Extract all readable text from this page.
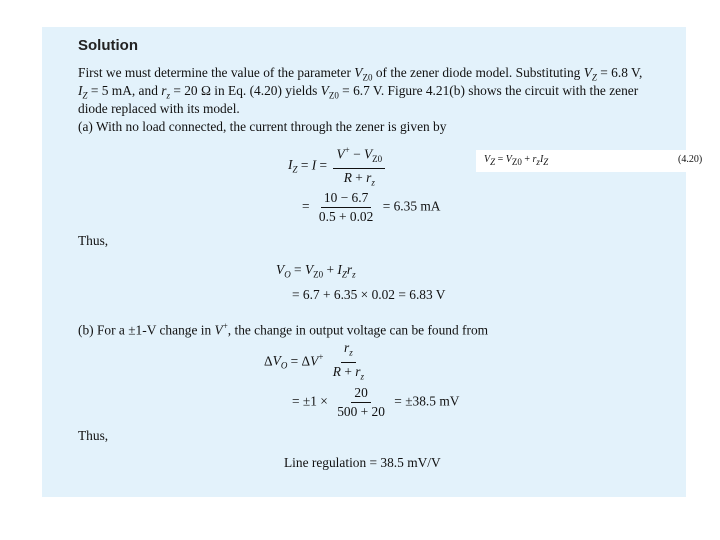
Solution
First we must determine the value of the parameter $V_{Z0}$ of the zener diode model. Substituting $V_Z = 6.8$ V,
$I_Z = 5$ mA, and $r_z = 20$ Ω in Eq. (4.20) yields $V_{Z0} = 6.7$ V. Figure 4.21(b) shows the circuit with the zener
diode replaced with its model.
(a) With no load connected, the current through the zener is given by
$I_Z = I = \frac{V^+ - V_{Z0}}{R + r_z}$
= $\frac{10 - 6.7}{0.5 + 0.02} = 6.35$ mA
Thus,
$V_O = V_{Z0} + I_Zr_z$
= 6.7 + 6.35 × 0.02 = 6.83 V
(b) For a ±1-V change in V+, the change in output voltage can be found from
$\Delta V_O = \Delta V^+ \frac{r_z}{R + r_z}$
= $\pm 1 \times \frac{20}{500 + 20} = \pm 38.5$ mV
Thus,
Line regulation = 38.5 mV/V
$V_Z = V_{Z0} + r_zI_Z$	(4.20)
